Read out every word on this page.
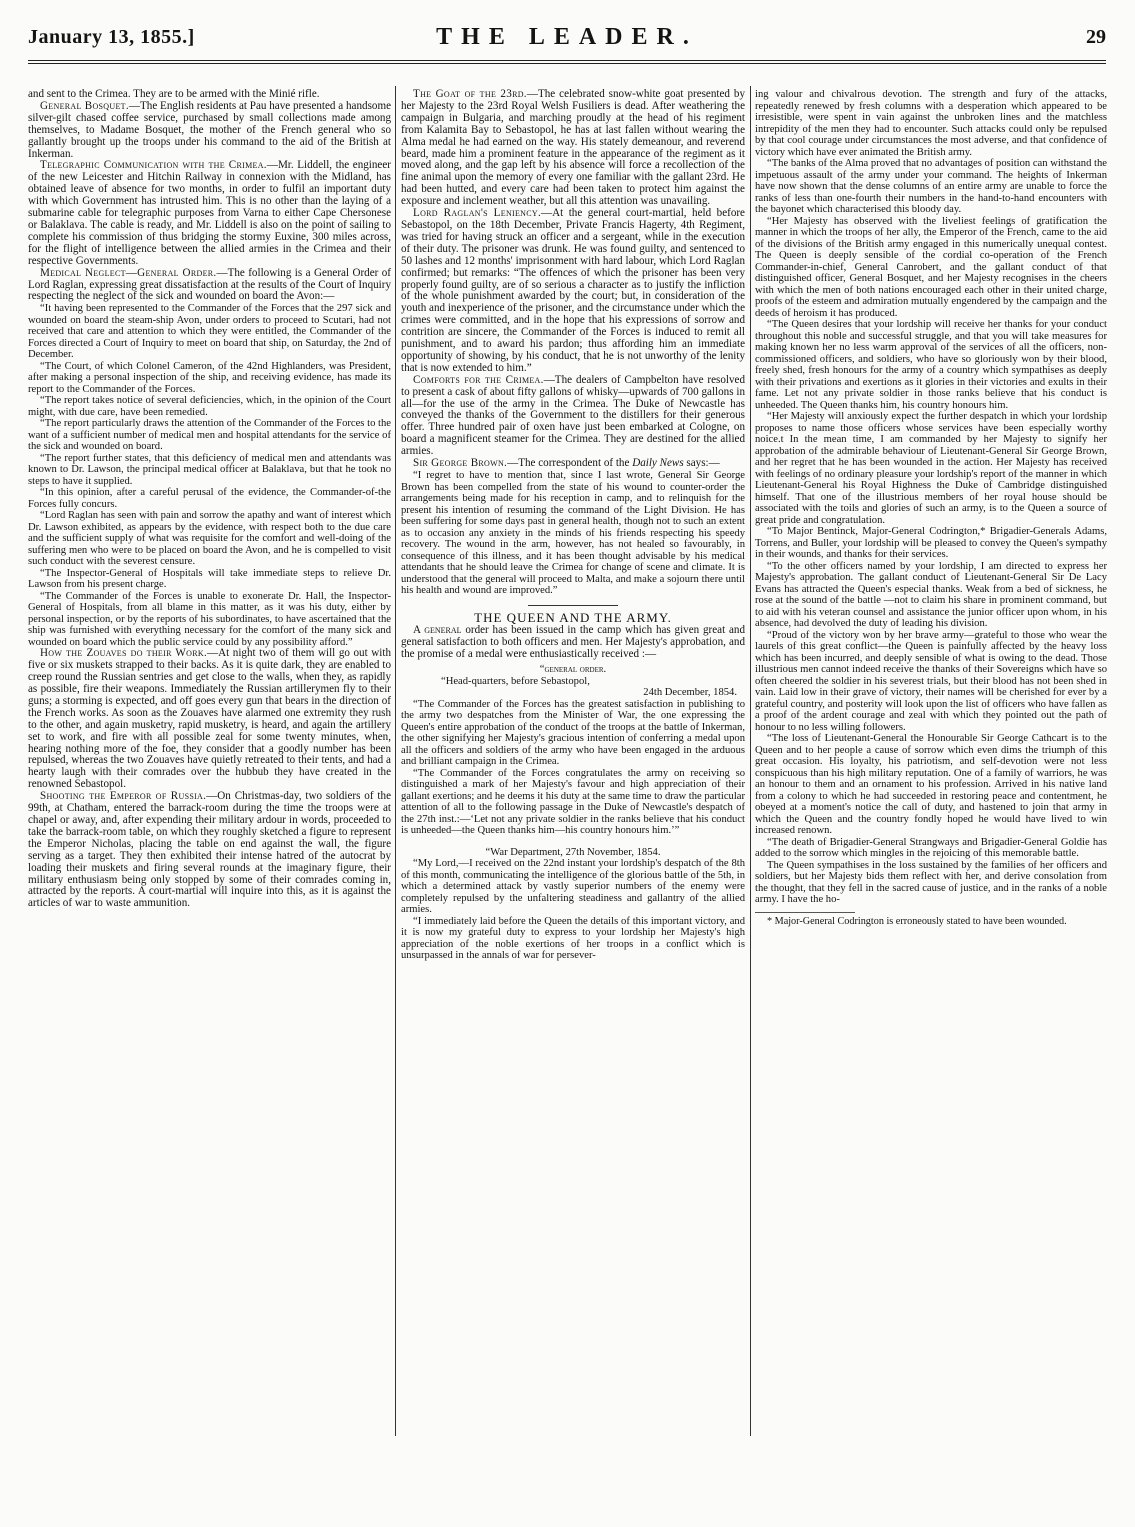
January 13, 1855.]	THE LEADER.	29

and sent to the Crimea. They are to be armed with the Minié rifle.

General Bosquet.—The English residents at Pau have presented a handsome silver-gilt chased coffee service, purchased by small collections made among themselves, to Madame Bosquet, the mother of the French general who so gallantly brought up the troops under his command to the aid of the British at Inkerman.

Telegraphic Communication with the Crimea.—Mr. Liddell, the engineer of the new Leicester and Hitchin Railway in connexion with the Midland, has obtained leave of absence for two months, in order to fulfil an important duty with which Government has intrusted him. This is no other than the laying of a submarine cable for telegraphic purposes from Varna to either Cape Chersonese or Balaklava. The cable is ready, and Mr. Liddell is also on the point of sailing to complete his commission of thus bridging the stormy Euxine, 300 miles across, for the flight of intelligence between the allied armies in the Crimea and their respective Governments.

Medical Neglect—General Order.—The following is a General Order of Lord Raglan, expressing great dissatisfaction at the results of the Court of Inquiry respecting the neglect of the sick and wounded on board the Avon:—

“It having been represented to the Commander of the Forces that the 297 sick and wounded on board the steam-ship Avon, under orders to proceed to Scutari, had not received that care and attention to which they were entitled, the Commander of the Forces directed a Court of Inquiry to meet on board that ship, on Saturday, the 2nd of December.

“The Court, of which Colonel Cameron, of the 42nd Highlanders, was President, after making a personal inspection of the ship, and receiving evidence, has made its report to the Commander of the Forces.

“The report takes notice of several deficiencies, which, in the opinion of the Court might, with due care, have been remedied.

“The report particularly draws the attention of the Commander of the Forces to the want of a sufficient number of medical men and hospital attendants for the service of the sick and wounded on board.

“The report further states, that this deficiency of medical men and attendants was known to Dr. Lawson, the principal medical officer at Balaklava, but that he took no steps to have it supplied.

“In this opinion, after a careful perusal of the evidence, the Commander-of-the Forces fully concurs.

“Lord Raglan has seen with pain and sorrow the apathy and want of interest which Dr. Lawson exhibited, as appears by the evidence, with respect both to the due care and the sufficient supply of what was requisite for the comfort and well-doing of the suffering men who were to be placed on board the Avon, and he is compelled to visit such conduct with the severest censure.

“The Inspector-General of Hospitals will take immediate steps to relieve Dr. Lawson from his present charge.

“The Commander of the Forces is unable to exonerate Dr. Hall, the Inspector-General of Hospitals, from all blame in this matter, as it was his duty, either by personal inspection, or by the reports of his subordinates, to have ascertained that the ship was furnished with everything necessary for the comfort of the many sick and wounded on board which the public service could by any possibility afford.”

How the Zouaves do their Work.—At night two of them will go out with five or six muskets strapped to their backs. As it is quite dark, they are enabled to creep round the Russian sentries and get close to the walls, when they, as rapidly as possible, fire their weapons. Immediately the Russian artillerymen fly to their guns; a storming is expected, and off goes every gun that bears in the direction of the French works. As soon as the Zouaves have alarmed one extremity they rush to the other, and again musketry, rapid musketry, is heard, and again the artillery set to work, and fire with all possible zeal for some twenty minutes, when, hearing nothing more of the foe, they consider that a goodly number has been repulsed, whereas the two Zouaves have quietly retreated to their tents, and had a hearty laugh with their comrades over the hubbub they have created in the renowned Sebastopol.

Shooting the Emperor of Russia.—On Christmas-day, two soldiers of the 99th, at Chatham, entered the barrack-room during the time the troops were at chapel or away, and, after expending their military ardour in words, proceeded to take the barrack-room table, on which they roughly sketched a figure to represent the Emperor Nicholas, placing the table on end against the wall, the figure serving as a target. They then exhibited their intense hatred of the autocrat by loading their muskets and firing several rounds at the imaginary figure, their military enthusiasm being only stopped by some of their comrades coming in, attracted by the reports. A court-martial will inquire into this, as it is against the articles of war to waste ammunition.

The Goat of the 23rd.—The celebrated snow-white goat presented by her Majesty to the 23rd Royal Welsh Fusiliers is dead. After weathering the campaign in Bulgaria, and marching proudly at the head of his regiment from Kalamita Bay to Sebastopol, he has at last fallen without wearing the Alma medal he had earned on the way. His stately demeanour, and reverend beard, made him a prominent feature in the appearance of the regiment as it moved along, and the gap left by his absence will force a recollection of the fine animal upon the memory of every one familiar with the gallant 23rd. He had been hutted, and every care had been taken to protect him against the exposure and inclement weather, but all this attention was unavailing.

Lord Raglan's Leniency.—At the general court-martial, held before Sebastopol, on the 18th December, Private Francis Hagerty, 4th Regiment, was tried for having struck an officer and a sergeant, while in the execution of their duty. The prisoner was drunk. He was found guilty, and sentenced to 50 lashes and 12 months' imprisonment with hard labour, which Lord Raglan confirmed; but remarks: “The offences of which the prisoner has been very properly found guilty, are of so serious a character as to justify the infliction of the whole punishment awarded by the court; but, in consideration of the youth and inexperience of the prisoner, and the circumstance under which the crimes were committed, and in the hope that his expressions of sorrow and contrition are sincere, the Commander of the Forces is induced to remit all punishment, and to award his pardon; thus affording him an immediate opportunity of showing, by his conduct, that he is not unworthy of the lenity that is now extended to him.”

Comforts for the Crimea.—The dealers of Campbelton have resolved to present a cask of about fifty gallons of whisky—upwards of 700 gallons in all—for the use of the army in the Crimea. The Duke of Newcastle has conveyed the thanks of the Government to the distillers for their generous offer. Three hundred pair of oxen have just been embarked at Cologne, on board a magnificent steamer for the Crimea. They are destined for the allied armies.

Sir George Brown.—The correspondent of the Daily News says:—

“I regret to have to mention that, since I last wrote, General Sir George Brown has been compelled from the state of his wound to counter-order the arrangements being made for his reception in camp, and to relinquish for the present his intention of resuming the command of the Light Division. He has been suffering for some days past in general health, though not to such an extent as to occasion any anxiety in the minds of his friends respecting his speedy recovery. The wound in the arm, however, has not healed so favourably, in consequence of this illness, and it has been thought advisable by his medical attendants that he should leave the Crimea for change of scene and climate. It is understood that the general will proceed to Malta, and make a sojourn there until his health and wound are improved.”

THE QUEEN AND THE ARMY.

A general order has been issued in the camp which has given great and general satisfaction to both officers and men. Her Majesty's approbation, and the promise of a medal were enthusiastically received :—

“general order.

“Head-quarters, before Sebastopol,

24th December, 1854.

“The Commander of the Forces has the greatest satisfaction in publishing to the army two despatches from the Minister of War, the one expressing the Queen's entire approbation of the conduct of the troops at the battle of Inkerman, the other signifying her Majesty's gracious intention of conferring a medal upon all the officers and soldiers of the army who have been engaged in the arduous and brilliant campaign in the Crimea.

“The Commander of the Forces congratulates the army on receiving so distinguished a mark of her Majesty's favour and high appreciation of their gallant exertions; and he deems it his duty at the same time to draw the particular attention of all to the following passage in the Duke of Newcastle's despatch of the 27th inst.:—‘Let not any private soldier in the ranks believe that his conduct is unheeded—the Queen thanks him—his country honours him.’”

“War Department, 27th November, 1854.

“My Lord,—I received on the 22nd instant your lordship's despatch of the 8th of this month, communicating the intelligence of the glorious battle of the 5th, in which a determined attack by vastly superior numbers of the enemy were completely repulsed by the unfaltering steadiness and gallantry of the allied armies.

“I immediately laid before the Queen the details of this important victory, and it is now my grateful duty to express to your lordship her Majesty's high appreciation of the noble exertions of her troops in a conflict which is unsurpassed in the annals of war for persever-

ing valour and chivalrous devotion. The strength and fury of the attacks, repeatedly renewed by fresh columns with a desperation which appeared to be irresistible, were spent in vain against the unbroken lines and the matchless intrepidity of the men they had to encounter. Such attacks could only be repulsed by that cool courage under circumstances the most adverse, and that confidence of victory which have ever animated the British army.

“The banks of the Alma proved that no advantages of position can withstand the impetuous assault of the army under your command. The heights of Inkerman have now shown that the dense columns of an entire army are unable to force the ranks of less than one-fourth their numbers in the hand-to-hand encounters with the bayonet which characterised this bloody day.

“Her Majesty has observed with the liveliest feelings of gratification the manner in which the troops of her ally, the Emperor of the French, came to the aid of the divisions of the British army engaged in this numerically unequal contest. The Queen is deeply sensible of the cordial co-operation of the French Commander-in-chief, General Canrobert, and the gallant conduct of that distinguished officer, General Bosquet, and her Majesty recognises in the cheers with which the men of both nations encouraged each other in their united charge, proofs of the esteem and admiration mutually engendered by the campaign and the deeds of heroism it has produced.

“The Queen desires that your lordship will receive her thanks for your conduct throughout this noble and successful struggle, and that you will take measures for making known her no less warm approval of the services of all the officers, non-commissioned officers, and soldiers, who have so gloriously won by their blood, freely shed, fresh honours for the army of a country which sympathises as deeply with their privations and exertions as it glories in their victories and exults in their fame. Let not any private soldier in those ranks believe that his conduct is unheeded. The Queen thanks him, his country honours him.

“Her Majesty will anxiously expect the further despatch in which your lordship proposes to name those officers whose services have been especially worthy noice.t In the mean time, I am commanded by her Majesty to signify her approbation of the admirable behaviour of Lieutenant-General Sir George Brown, and her regret that he has been wounded in the action. Her Majesty has received with feelings of no ordinary pleasure your lordship's report of the manner in which Lieutenant-General his Royal Highness the Duke of Cambridge distinguished himself. That one of the illustrious members of her royal house should be associated with the toils and glories of such an army, is to the Queen a source of great pride and congratulation.

“To Major Bentinck, Major-General Codrington,* Brigadier-Generals Adams, Torrens, and Buller, your lordship will be pleased to convey the Queen's sympathy in their wounds, and thanks for their services.

“To the other officers named by your lordship, I am directed to express her Majesty's approbation. The gallant conduct of Lieutenant-General Sir De Lacy Evans has attracted the Queen's especial thanks. Weak from a bed of sickness, he rose at the sound of the battle —not to claim his share in prominent command, but to aid with his veteran counsel and assistance the junior officer upon whom, in his absence, had devolved the duty of leading his division.

“Proud of the victory won by her brave army—grateful to those who wear the laurels of this great conflict—the Queen is painfully affected by the heavy loss which has been incurred, and deeply sensible of what is owing to the dead. Those illustrious men cannot indeed receive the thanks of their Sovereigns which have so often cheered the soldier in his severest trials, but their blood has not been shed in vain. Laid low in their grave of victory, their names will be cherished for ever by a grateful country, and posterity will look upon the list of officers who have fallen as a proof of the ardent courage and zeal with which they pointed out the path of honour to no less willing followers.

“The loss of Lieutenant-General the Honourable Sir George Cathcart is to the Queen and to her people a cause of sorrow which even dims the triumph of this great occasion. His loyalty, his patriotism, and self-devotion were not less conspicuous than his high military reputation. One of a family of warriors, he was an honour to them and an ornament to his profession. Arrived in his native land from a colony to which he had succeeded in restoring peace and contentment, he obeyed at a moment's notice the call of duty, and hastened to join that army in which the Queen and the country fondly hoped he would have lived to win increased renown.

“The death of Brigadier-General Strangways and Brigadier-General Goldie has added to the sorrow which mingles in the rejoicing of this memorable battle.

The Queen sympathises in the loss sustained by the families of her officers and soldiers, but her Majesty bids them reflect with her, and derive consolation from the thought, that they fell in the sacred cause of justice, and in the ranks of a noble army. I have the ho-

* Major-General Codrington is erroneously stated to have been wounded.
